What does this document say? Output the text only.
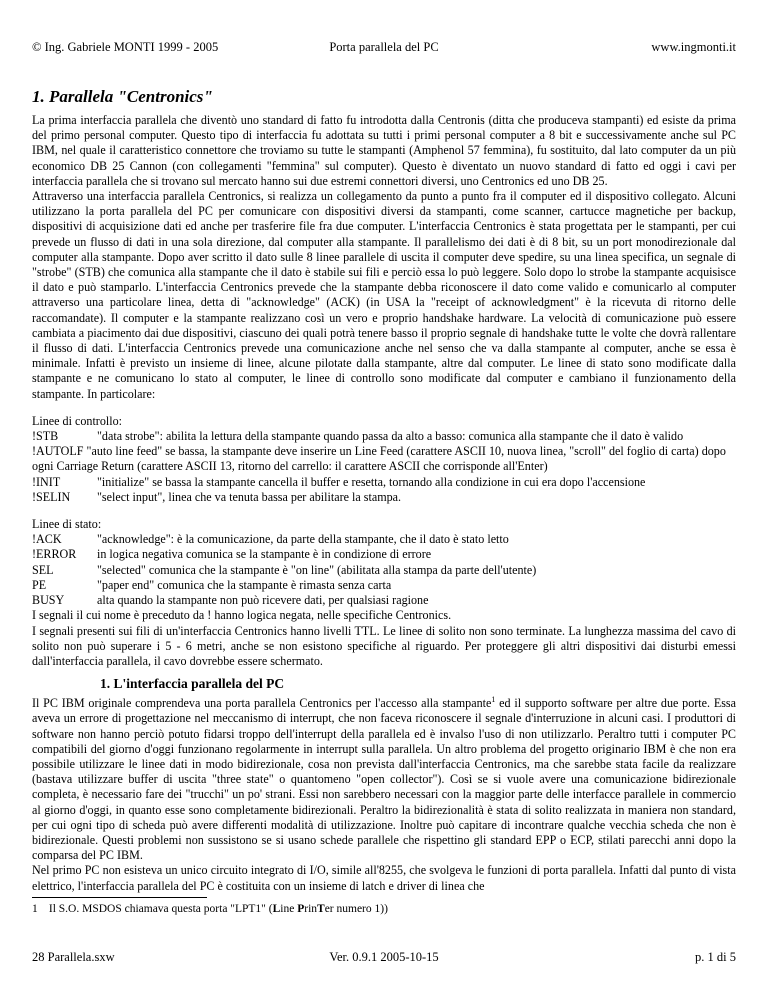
© Ing. Gabriele MONTI 1999 - 2005	Porta parallela del PC	www.ingmonti.it
1. Parallela "Centronics"

La prima interfaccia parallela che diventò uno standard di fatto fu introdotta dalla Centronis (ditta che produceva stampanti) ed esiste da prima del primo personal computer. Questo tipo di interfaccia fu adottata su tutti i primi personal computer a 8 bit e successivamente anche sul PC IBM, nel quale il caratteristico connettore che troviamo su tutte le stampanti (Amphenol 57 femmina), fu sostituito, dal lato computer da un più economico DB 25 Cannon (con collegamenti "femmina" sul computer). Questo è diventato un nuovo standard di fatto ed oggi i cavi per interfaccia parallela che si trovano sul mercato hanno sui due estremi connettori diversi, uno Centronics ed uno DB 25.

Attraverso una interfaccia parallela Centronics, si realizza un collegamento da punto a punto fra il computer ed il dispositivo collegato. Alcuni utilizzano la porta parallela del PC per comunicare con dispositivi diversi da stampanti, come scanner, cartucce magnetiche per backup, dispositivi di acquisizione dati ed anche per trasferire file fra due computer. L'interfaccia Centronics è stata progettata per le stampanti, per cui prevede un flusso di dati in una sola direzione, dal computer alla stampante. Il parallelismo dei dati è di 8 bit, su un port monodirezionale dal computer alla stampante. Dopo aver scritto il dato sulle 8 linee parallele di uscita il computer deve spedire, su una linea specifica, un segnale di "strobe" (STB) che comunica alla stampante che il dato è stabile sui fili e perciò essa lo può leggere. Solo dopo lo strobe la stampante acquisisce il dato e può stamparlo. L'interfaccia Centronics prevede che la stampante debba riconoscere il dato come valido e comunicarlo al computer attraverso una particolare linea, detta di "acknowledge" (ACK) (in USA la "receipt of acknowledgment" è la ricevuta di ritorno delle raccomandate). Il computer e la stampante realizzano così un vero e proprio handshake hardware. La velocità di comunicazione può essere cambiata a piacimento dai due dispositivi, ciascuno dei quali potrà tenere basso il proprio segnale di handshake tutte le volte che dovrà rallentare il flusso di dati. L'interfaccia Centronics prevede una comunicazione anche nel senso che va dalla stampante al computer, anche se essa è minimale. Infatti è previsto un insieme di linee, alcune pilotate dalla stampante, altre dal computer. Le linee di stato sono modificate dalla stampante e ne comunicano lo stato al computer, le linee di controllo sono modificate dal computer e cambiano il funzionamento della stampante. In particolare:

Linee di controllo:
!STB	"data strobe": abilita la lettura della stampante quando passa da alto a basso: comunica alla stampante che il dato è valido
!AUTOLF "auto line feed" se bassa, la stampante deve inserire un Line Feed (carattere ASCII 10, nuova linea, "scroll" del foglio di carta) dopo ogni Carriage Return (carattere ASCII 13, ritorno del carrello: il carattere ASCII che corrisponde all'Enter)
!INIT	"initialize" se bassa la stampante cancella il buffer e resetta, tornando alla condizione in cui era dopo l'accensione
!SELIN "select input", linea che va tenuta bassa per abilitare la stampa.
Linee di stato:
!ACK	"acknowledge": è la comunicazione, da parte della stampante, che il dato è stato letto
!ERROR in logica negativa comunica se la stampante è in condizione di errore
SEL	"selected" comunica che la stampante è "on line" (abilitata alla stampa da parte dell'utente)
PE	"paper end" comunica che la stampante è rimasta senza carta
BUSY	alta quando la stampante non può ricevere dati, per qualsiasi ragione

I segnali il cui nome è preceduto da ! hanno logica negata, nelle specifiche Centronics.

I segnali presenti sui fili di un'interfaccia Centronics hanno livelli TTL. Le linee di solito non sono terminate. La lunghezza massima del cavo di solito non può superare i 5 - 6 metri, anche se non esistono specifiche al riguardo. Per proteggere gli altri dispositivi dai disturbi emessi dall'interfaccia parallela, il cavo dovrebbe essere schermato.

1. L'interfaccia parallela del PC

Il PC IBM originale comprendeva una porta parallela Centronics per l'accesso alla stampante$^1$ ed il supporto software per altre due porte. Essa aveva un errore di progettazione nel meccanismo di interrupt, che non faceva riconoscere il segnale d'interruzione in alcuni casi. I produttori di software non hanno perciò potuto fidarsi troppo dell'interrupt della parallela ed è invalso l'uso di non utilizzarlo. Peraltro tutti i computer PC compatibili del giorno d'oggi funzionano regolarmente in interrupt sulla parallela. Un altro problema del progetto originario IBM è che non era possibile utilizzare le linee dati in modo bidirezionale, cosa non prevista dall'interfaccia Centronics, ma che sarebbe stata facile da realizzare (bastava utilizzare buffer di uscita "three state" o quantomeno "open collector"). Così se si vuole avere una comunicazione bidirezionale completa, è necessario fare dei "trucchi" un po' strani. Essi non sarebbero necessari con la maggior parte delle interfacce parallele in commercio al giorno d'oggi, in quanto esse sono completamente bidirezionali. Peraltro la bidirezionalità è stata di solito realizzata in maniera non standard, per cui ogni tipo di scheda può avere differenti modalità di utilizzazione. Inoltre può capitare di incontrare qualche vecchia scheda che non è bidirezionale. Questi problemi non sussistono se si usano schede parallele che rispettino gli standard EPP o ECP, stilati parecchi anni dopo la comparsa del PC IBM.

Nel primo PC non esisteva un unico circuito integrato di I/O, simile all'8255, che svolgeva le funzioni di porta parallela. Infatti dal punto di vista elettrico, l'interfaccia parallela del PC è costituita con un insieme di latch e driver di linea che

1 Il S.O. MSDOS chiamava questa porta "LPT1" (Line PrinTer numero 1))
28 Parallela.sxw	Ver. 0.9.1 2005-10-15	p. 1 di 5
